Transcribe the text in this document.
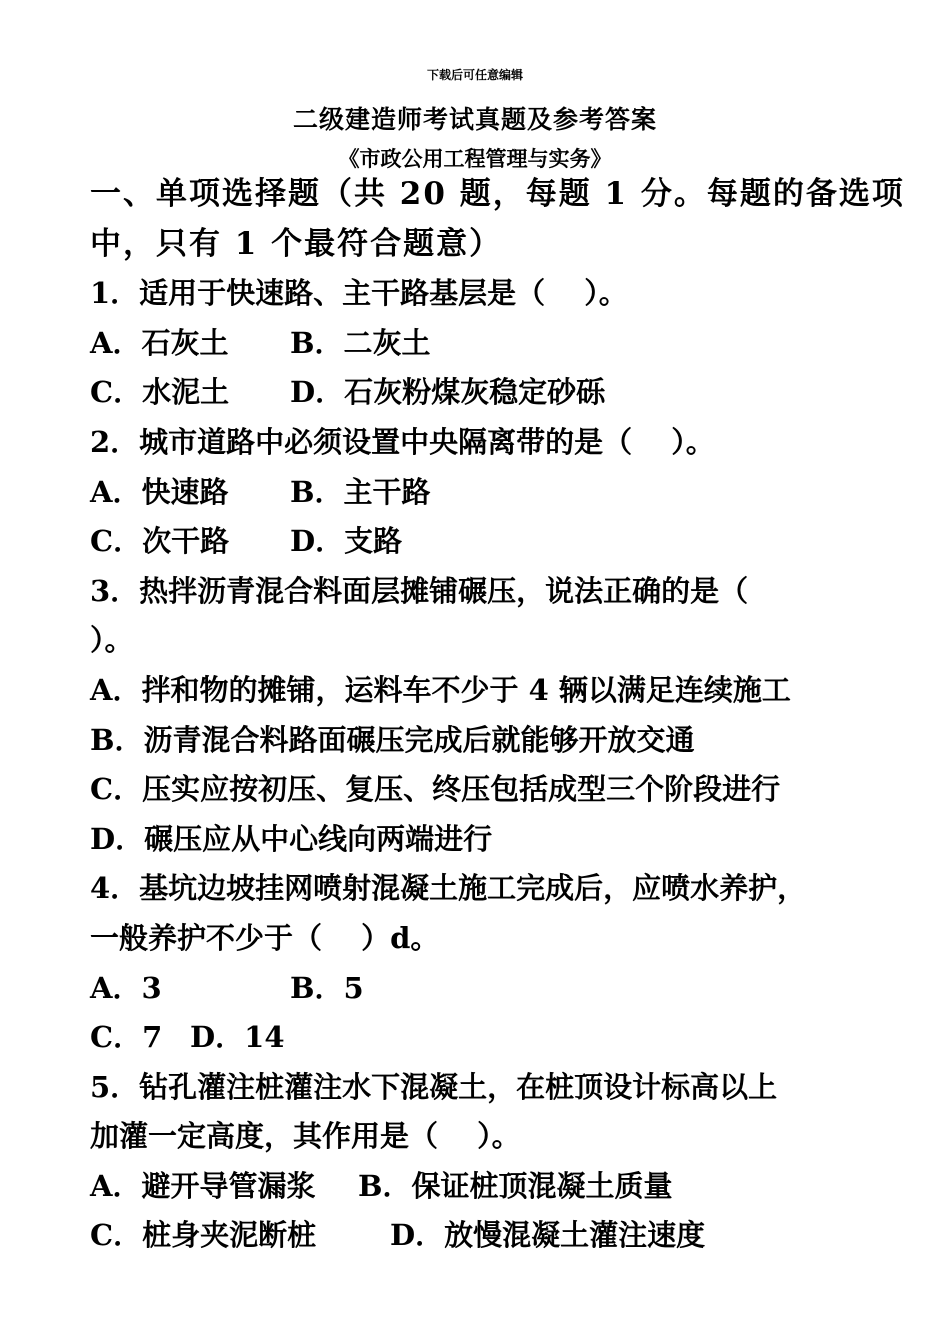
下载后可任意编辑
二级建造师考试真题及参考答案
《市政公用工程管理与实务》
一、单项选择题（共 20 题，每题 1 分。每题的备选项
中，只有 1 个最符合题意）
1．适用于快速路、主干路基层是（　 ）。
A．石灰土 B．二灰土
C．水泥土 D．石灰粉煤灰稳定砂砾
2．城市道路中必须设置中央隔离带的是（　 ）。
A．快速路 B．主干路
C．次干路 D．支路
3．热拌沥青混合料面层摊铺碾压，说法正确的是（
）。
A．拌和物的摊铺，运料车不少于 4 辆以满足连续施工
B．沥青混合料路面碾压完成后就能够开放交通
C．压实应按初压、复压、终压包括成型三个阶段进行
D．碾压应从中心线向两端进行
4．基坑边坡挂网喷射混凝土施工完成后，应喷水养护，
一般养护不少于（　 ）d。
A．3	B．5
C．7 D．14
5．钻孔灌注桩灌注水下混凝土，在桩顶设计标高以上
加灌一定高度，其作用是（　 ）。
A．避开导管漏浆 B．保证桩顶混凝土质量
C．桩身夹泥断桩	D．放慢混凝土灌注速度
